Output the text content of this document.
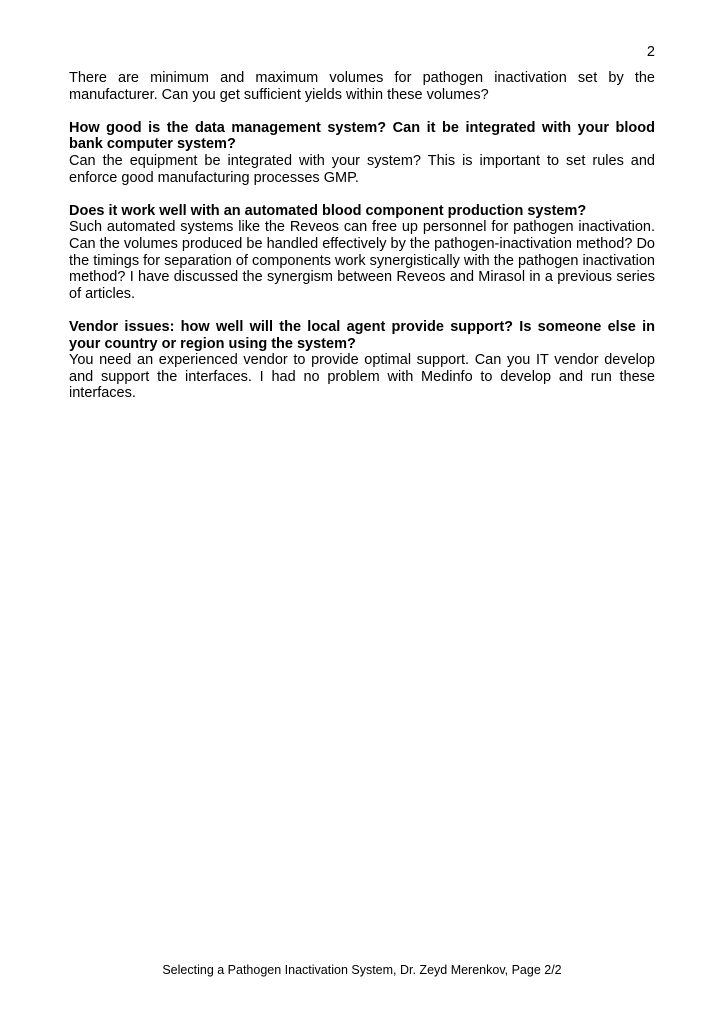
2

There are minimum and maximum volumes for pathogen inactivation set by the manufacturer. Can you get sufficient yields within these volumes?

How good is the data management system? Can it be integrated with your blood bank computer system?

Can the equipment be integrated with your system? This is important to set rules and enforce good manufacturing processes GMP.

Does it work well with an automated blood component production system?

Such automated systems like the Reveos can free up personnel for pathogen inactivation. Can the volumes produced be handled effectively by the pathogen-inactivation method? Do the timings for separation of components work synergistically with the pathogen inactivation method? I have discussed the synergism between Reveos and Mirasol in a previous series of articles.

Vendor issues: how well will the local agent provide support? Is someone else in your country or region using the system?

You need an experienced vendor to provide optimal support. Can you IT vendor develop and support the interfaces. I had no problem with Medinfo to develop and run these interfaces.

Selecting a Pathogen Inactivation System, Dr. Zeyd Merenkov, Page 2/2
